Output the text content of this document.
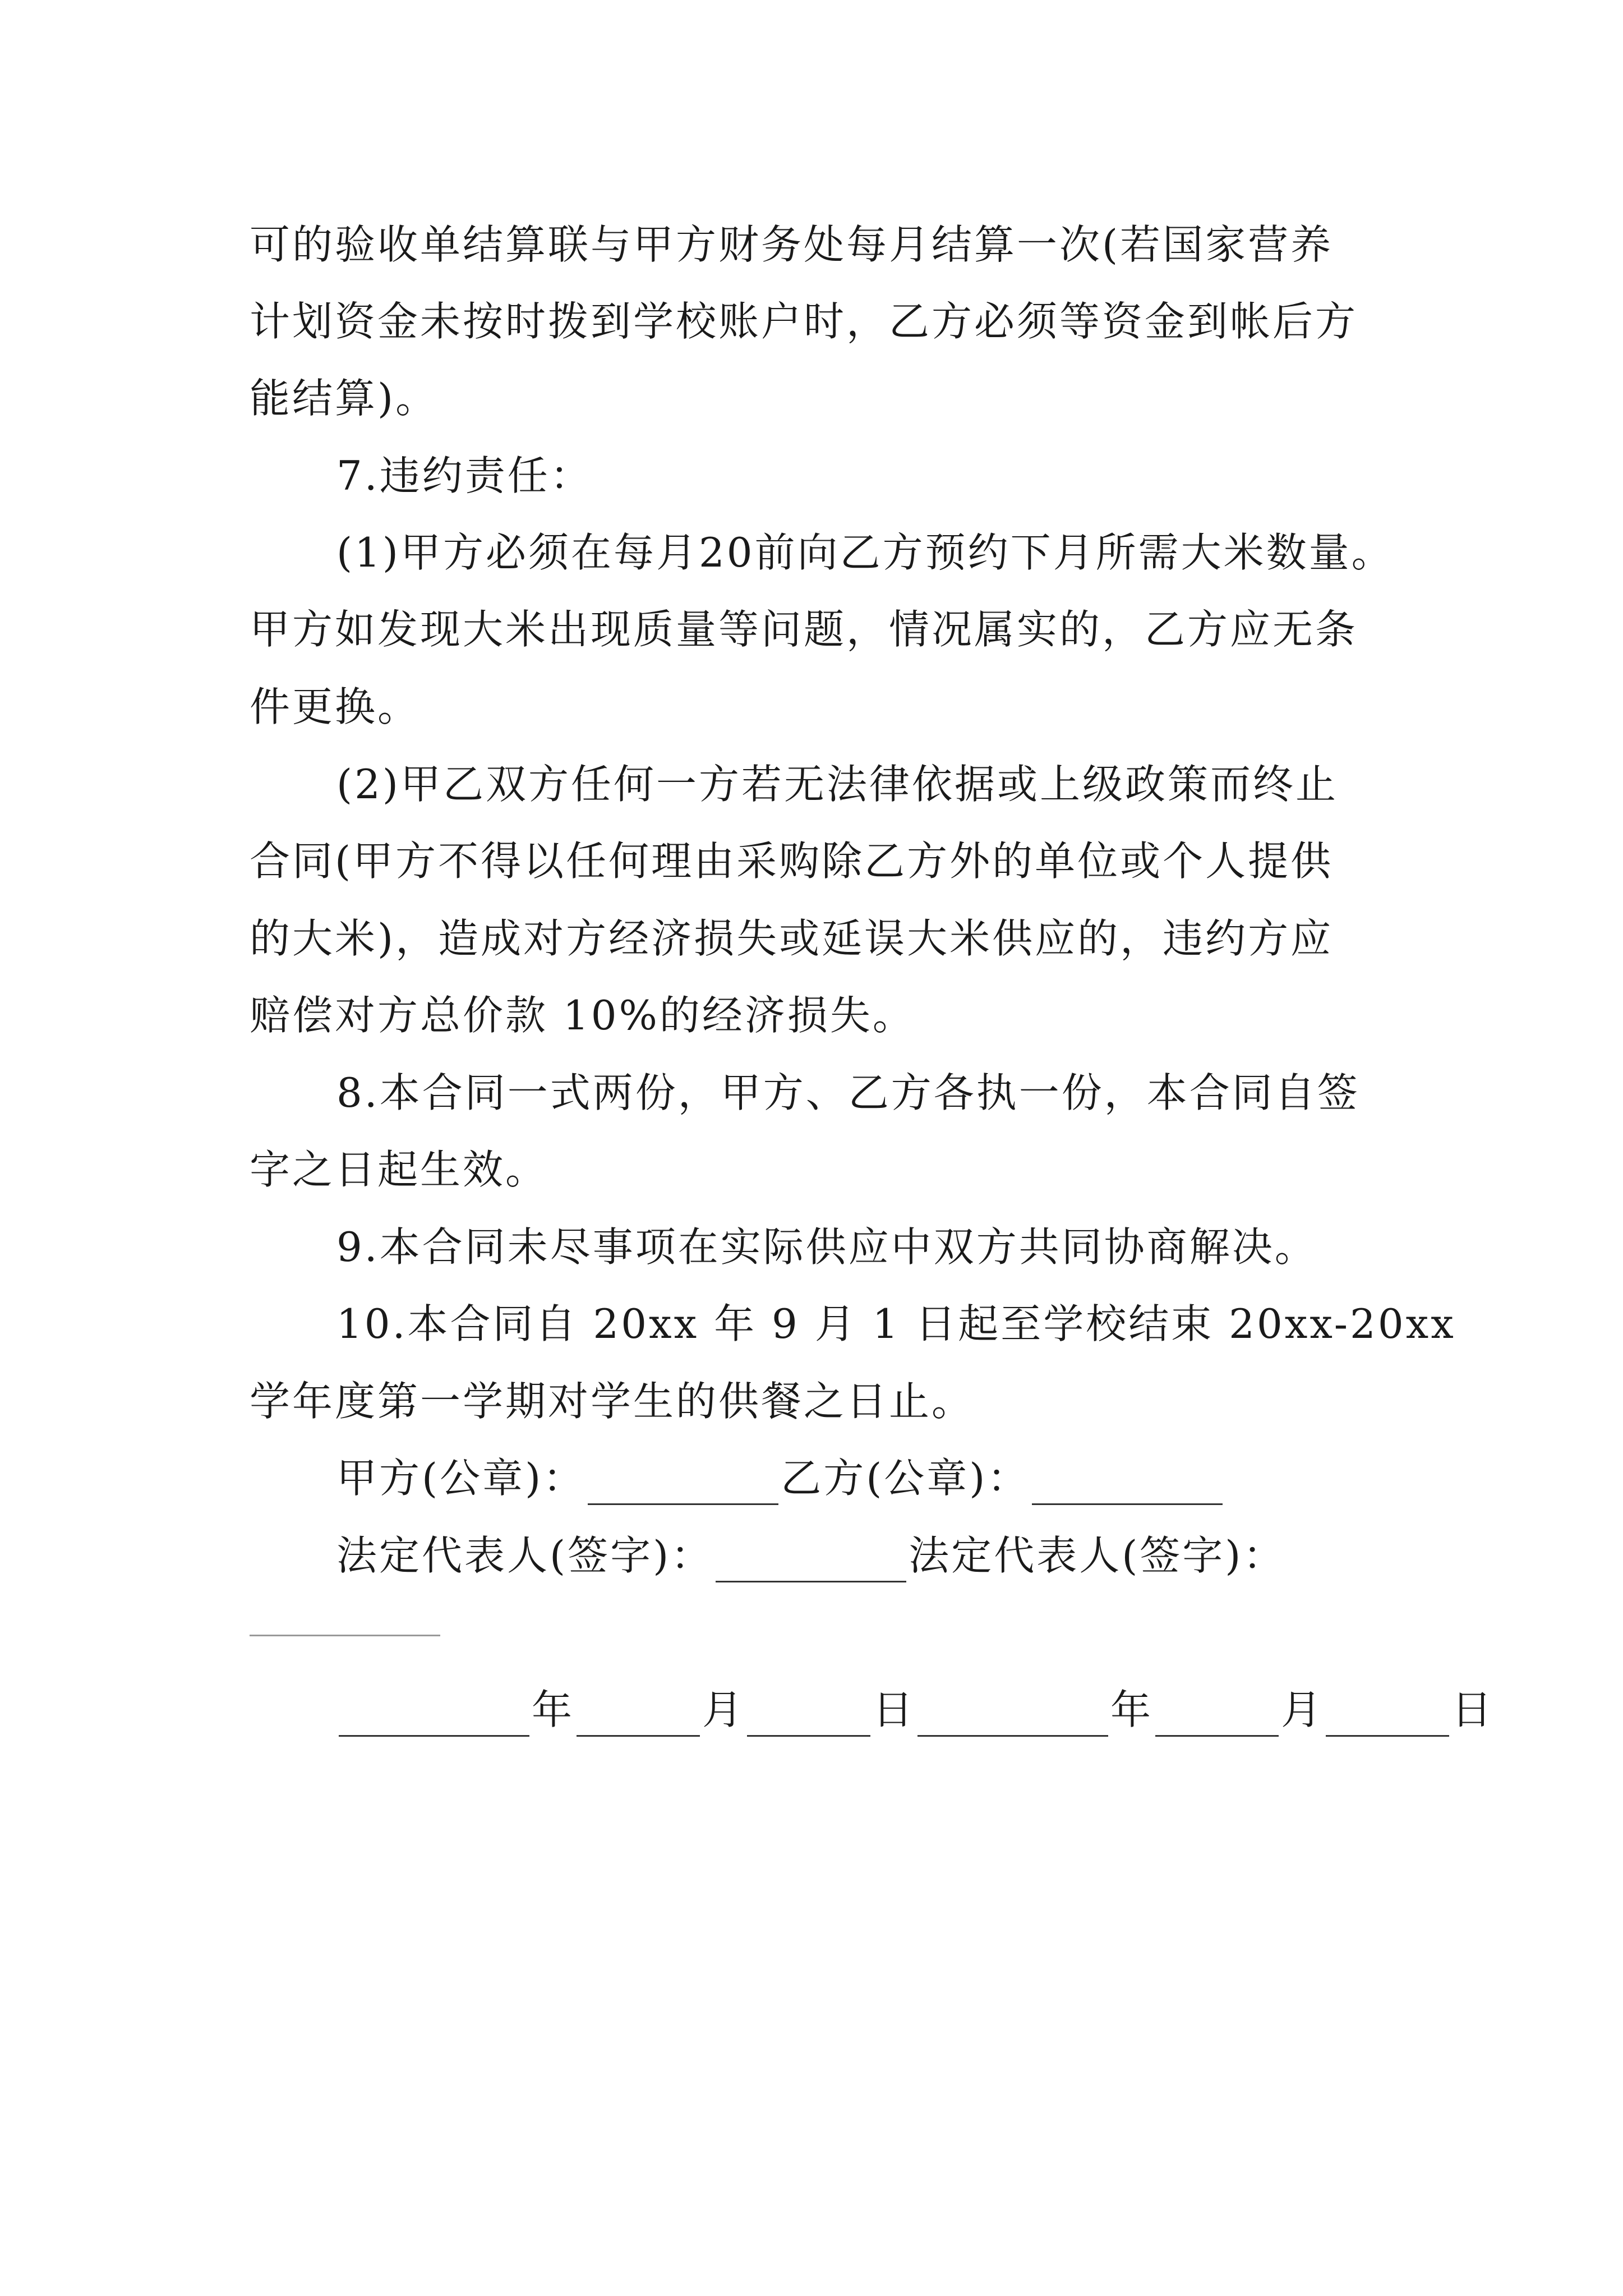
可的验收单结算联与甲方财务处每月结算一次(若国家营养
计划资金未按时拨到学校账户时，乙方必须等资金到帐后方
能结算)。
7.违约责任：
(1)甲方必须在每月20前向乙方预约下月所需大米数量。
甲方如发现大米出现质量等问题，情况属实的，乙方应无条
件更换。
(2)甲乙双方任何一方若无法律依据或上级政策而终止
合同(甲方不得以任何理由采购除乙方外的单位或个人提供
的大米)，造成对方经济损失或延误大米供应的，违约方应
赔偿对方总价款 10%的经济损失。
8.本合同一式两份，甲方、乙方各执一份，本合同自签
字之日起生效。
9.本合同未尽事项在实际供应中双方共同协商解决。
10.本合同自 20xx 年 9 月 1 日起至学校结束 20xx-20xx
学年度第一学期对学生的供餐之日止。
甲方(公章)：	乙方(公章)：
法定代表人(签字)：	法定代表人(签字)：
年	月	日	年	月	日
